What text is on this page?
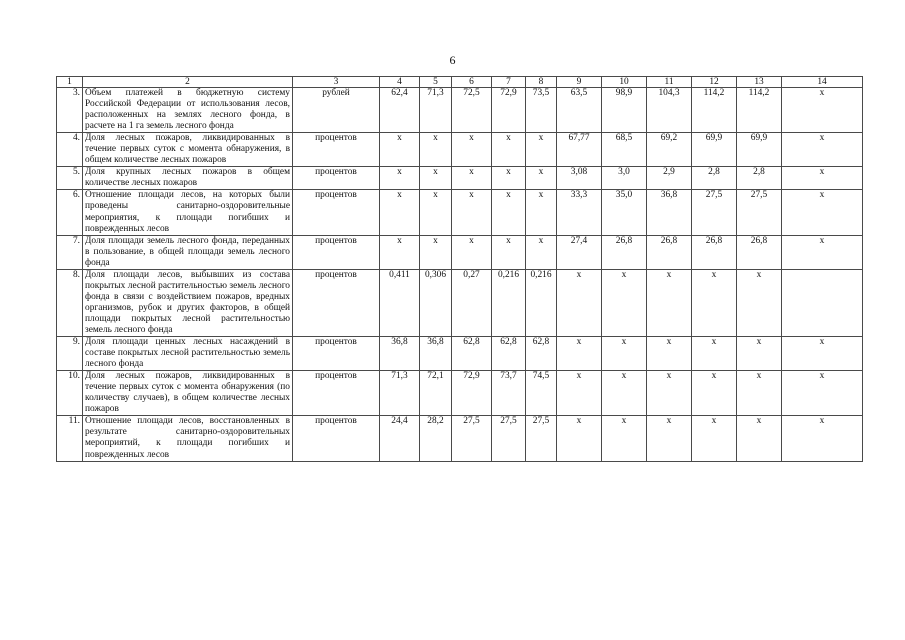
6
1	2	3	4	5	6	7	8	9	10	11	12	13	14
3.	Объем платежей в бюджетную систему Российской Федерации от использования лесов, расположенных на землях лесного фонда, в расчете на 1 га земель лесного фонда	рублей	62,4	71,3	72,5	72,9	73,5	63,5	98,9	104,3	114,2	114,2	x
4.	Доля лесных пожаров, ликвидированных в течение первых суток с момента обнаружения, в общем количестве лесных пожаров	процентов	x	x	x	x	x	67,77	68,5	69,2	69,9	69,9	x
5.	Доля крупных лесных пожаров в общем количестве лесных пожаров	процентов	x	x	x	x	x	3,08	3,0	2,9	2,8	2,8	x
6.	Отношение площади лесов, на которых были проведены санитарно-оздоровительные мероприятия, к площади погибших и поврежденных лесов	процентов	x	x	x	x	x	33,3	35,0	36,8	27,5	27,5	x
7.	Доля площади земель лесного фонда, переданных в пользование, в общей площади земель лесного фонда	процентов	x	x	x	x	x	27,4	26,8	26,8	26,8	26,8	x
8.	Доля площади лесов, выбывших из состава покрытых лесной растительностью земель лесного фонда в связи с воздействием пожаров, вредных организмов, рубок и других факторов, в общей площади покрытых лесной растительностью земель лесного фонда	процентов	0,411	0,306	0,27	0,216	0,216	x	x	x	x	x	
9.	Доля площади ценных лесных насаждений в составе покрытых лесной растительностью земель лесного фонда	процентов	36,8	36,8	62,8	62,8	62,8	x	x	x	x	x	x
10.	Доля лесных пожаров, ликвидированных в течение первых суток с момента обнаружения (по количеству случаев), в общем количестве лесных пожаров	процентов	71,3	72,1	72,9	73,7	74,5	x	x	x	x	x	x
11.	Отношение площади лесов, восстановленных в результате санитарно-оздоровительных мероприятий, к площади погибших и поврежденных лесов	процентов	24,4	28,2	27,5	27,5	27,5	x	x	x	x	x	x
